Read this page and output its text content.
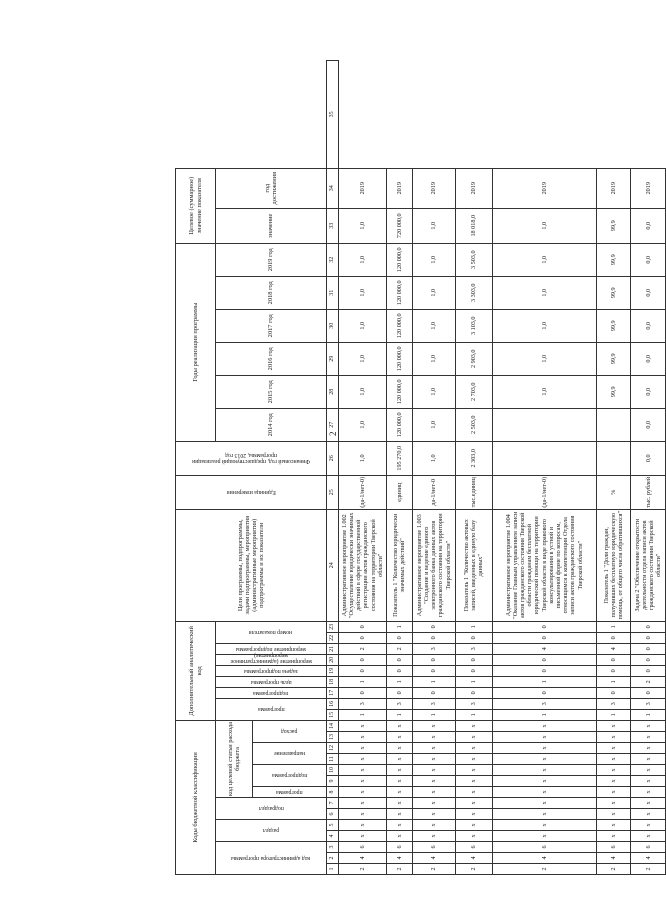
2
Коды бюджетной классификации														Дополнительный аналитический код									Цели программы, подпрограммы, задачи подпрограммы, мероприятия (административные мероприятия) подпрограммы и их показатели	Единица измерения	Финансовый год, предшествующий реализации программы, 2013 год	Годы реализации программы						Целевое (суммарное) значение показателя		

код администратора программы			раздел		подраздел		код целевой статьи расхода бюджета							программа		подпрограмма	цель программы	задача подпрограммы	мероприятие (административное мероприятие)	мероприятие подпрограммы	номер показателя					2014 год	2015 год	2016 год	2017 год	2018 год	2019 год	значение	год достижения	

							программа	подпрограмма		направление		расход																						

1	2	3	4	5	6	7	8	9	10	11	12	13	14	15	16	17	18	19	20	21	22	23	24	25	26	27	28	29	30	31	32	33	34	35
2	4	6	х	х	х	х	х	х	х	х	х	х	х	1	3	0	1	0	0	2	0	0	Административное мероприятие 1.002 "Осуществление юридически значимых действий в сфере государственной регистрации актов гражданского состояния на территории Тверской области"	(да-1/нет-0)	1,0	1,0	1,0	1,0	1,0	1,0	1,0	1,0	2019	
2	4	6	х	х	х	х	х	х	х	х	х	х	х	1	3	0	1	0	0	2	0	1	Показатель 1 "Количество юридически значимых действий"	единиц	195 270,0	120 000,0	120 000,0	120 000,0	120 000,0	120 000,0	120 000,0	720 000,0	2019	
2	4	6	х	х	х	х	х	х	х	х	х	х	х	1	3	0	1	0	0	3	0	0	Административное мероприятие 1.003 "Создание и ведение единого электронного банка данных актов гражданского состояния на территории Тверской области"	да-1/нет-0	1,0	1,0	1,0	1,0	1,0	1,0	1,0	1,0	2019	
2	4	6	х	х	х	х	х	х	х	х	х	х	х	1	3	0	1	0	0	3	0	1	Показатель 1 "Количество актовых записей, введенных в единую базу данных"	тыс.единиц	2 303,0	2 503,0	2 703,0	2 903,0	3 103,0	3 303,0	3 503,0	18 018,0	2019	
2	4	6	х	х	х	х	х	х	х	х	х	х	х	1	3	0	1	0	0	4	0	0	Административное мероприятие 1.004 "Оказание Главным управлением записи актов гражданского состояния Тверской области гражданам бесплатной юридической помощи на территории Тверской области в виде правового консультирования в устной и письменной форме по вопросам, относящимся к компетенции Отдела записи актов гражданского состояния Тверской области"	(да-1/нет-0)			1,0	1,0	1,0	1,0	1,0	1,0	2019	
2	4	6	х	х	х	х	х	х	х	х	х	х	х	1	3	0	1	0	0	4	0	1	Показатель 1 "Доля граждан, получивших бесплатную юридическую помощь, от общего числа обратившихся"	%			99,9	99,9	99,9	99,9	99,9	99,9	2019	
2	4	6	х	х	х	х	х	х	х	х	х	х	х	1	3	0	2	0	0	0	0	0	Задача 2 "Обеспечение открытости деятельности отдела записи актов гражданского состояния Тверской области"	тыс. рублей	0,0	0,0	0,0	0,0	0,0	0,0	0,0	0,0	2019	
